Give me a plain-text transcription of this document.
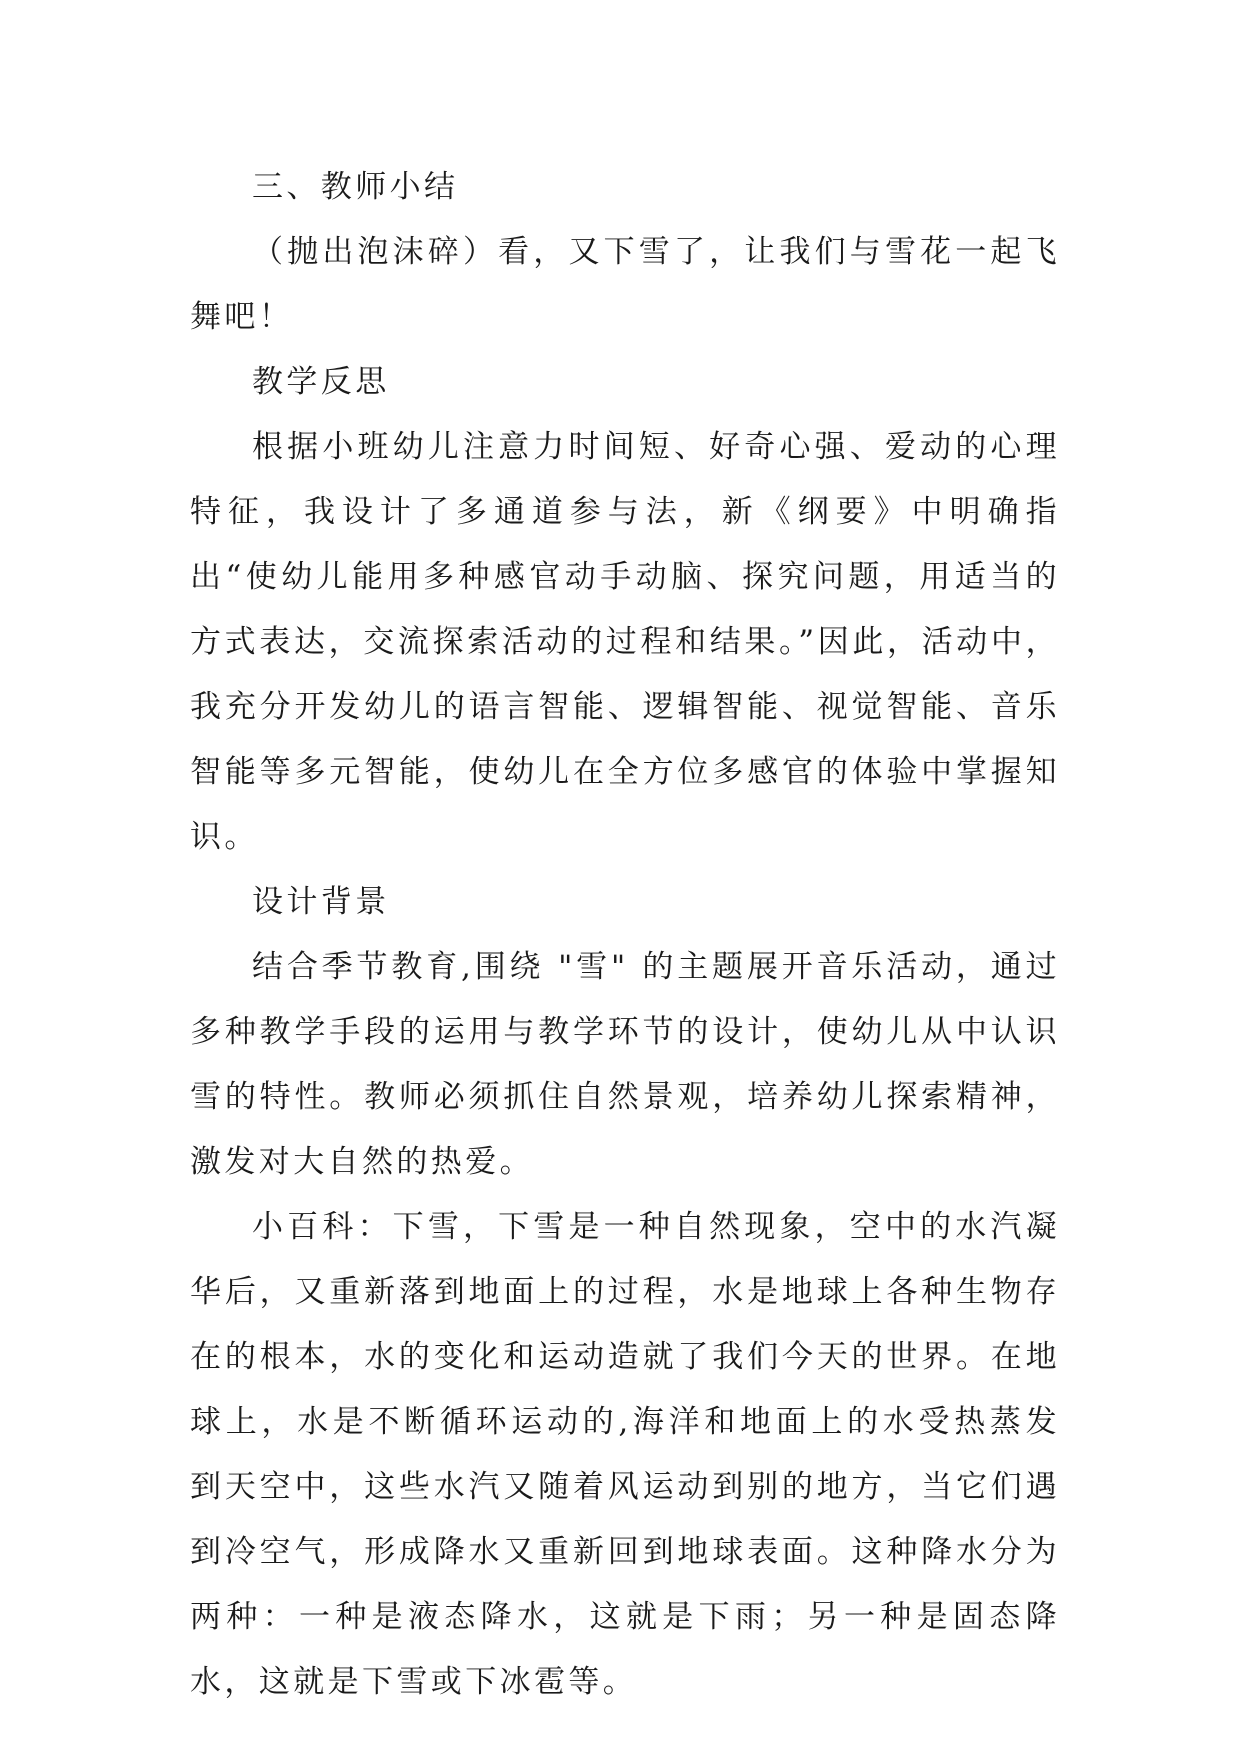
三、教师小结

（抛出泡沫碎）看，又下雪了，让我们与雪花一起飞舞吧！

教学反思

根据小班幼儿注意力时间短、好奇心强、爱动的心理特征，我设计了多通道参与法，新《纲要》中明确指出“使幼儿能用多种感官动手动脑、探究问题，用适当的方式表达，交流探索活动的过程和结果。”因此，活动中，我充分开发幼儿的语言智能、逻辑智能、视觉智能、音乐智能等多元智能，使幼儿在全方位多感官的体验中掌握知识。

设计背景

结合季节教育,围绕 "雪" 的主题展开音乐活动，通过多种教学手段的运用与教学环节的设计，使幼儿从中认识雪的特性。教师必须抓住自然景观，培养幼儿探索精神，激发对大自然的热爱。

小百科：下雪，下雪是一种自然现象，空中的水汽凝华后，又重新落到地面上的过程，水是地球上各种生物存在的根本，水的变化和运动造就了我们今天的世界。在地球上，水是不断循环运动的,海洋和地面上的水受热蒸发到天空中，这些水汽又随着风运动到别的地方，当它们遇到冷空气，形成降水又重新回到地球表面。这种降水分为两种：一种是液态降水，这就是下雨；另一种是固态降水，这就是下雪或下冰雹等。
